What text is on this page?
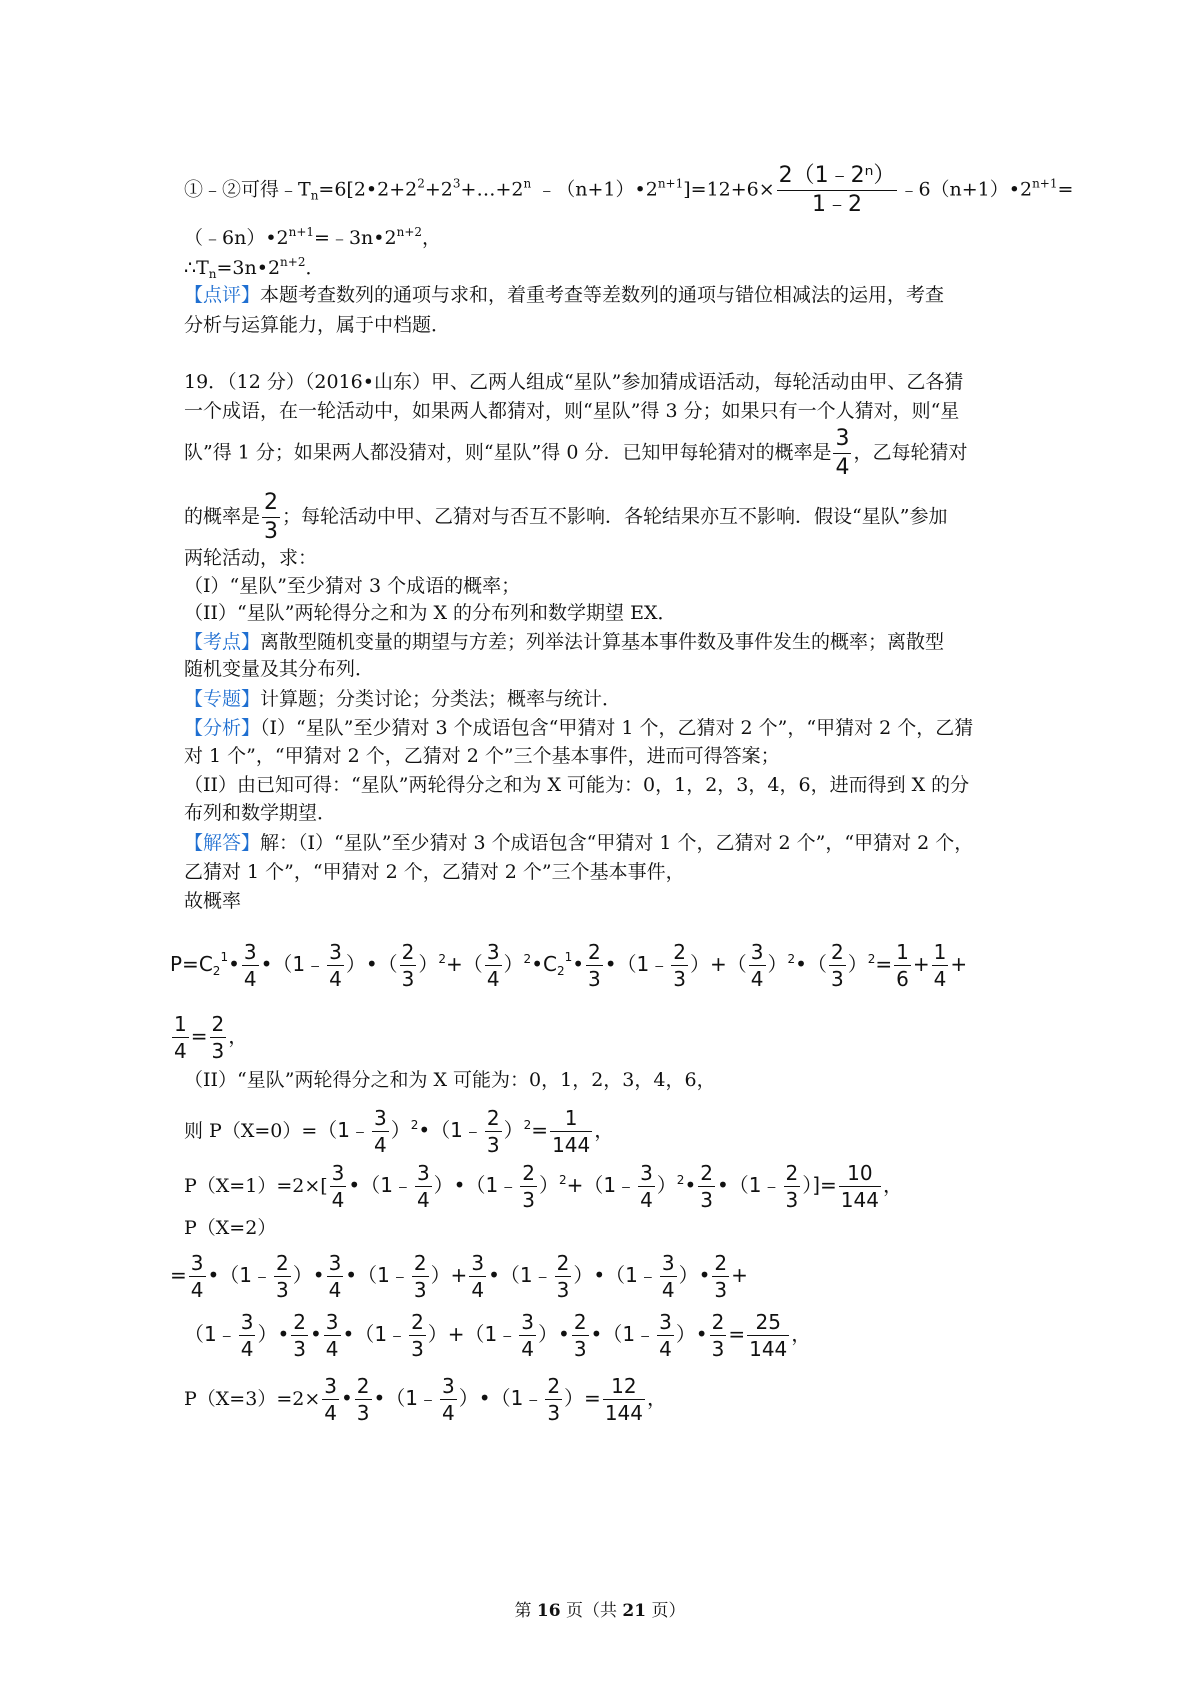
①﹣②可得$﹣T_n=6[2•2+2^2+2^3+\dots+2^n$ $﹣(n+1)•2^{n+1}]=12+6\times \frac{\text{2（1﹣2ⁿ）}}{1﹣2}$ $﹣6(n+1)•2^{n+1}=$
$(﹣6n)•2^{n+1}=﹣3n•2^{n+2}$，
$\therefore T_n=3n•2^{n+2}$．
【点评】本题考查数列的通项与求和，着重考查等差数列的通项与错位相减法的运用，考查
分析与运算能力，属于中档题．
19．（12 分）（2016•山东）甲、乙两人组成“星队”参加猜成语活动，每轮活动由甲、乙各猜
一个成语，在一轮活动中，如果两人都猜对，则“星队”得 3 分；如果只有一个人猜对，则“星
队”得 1 分；如果两人都没猜对，则“星队”得 0 分．已知甲每轮猜对的概率是 $\frac{3}{4}$ ，乙每轮猜对
的概率是 $\frac{2}{3}$ ；每轮活动中甲、乙猜对与否互不影响．各轮结果亦互不影响．假设“星队”参加
两轮活动，求：
（I）“星队”至少猜对 3 个成语的概率；
（II）“星队”两轮得分之和为 X 的分布列和数学期望 EX．
【考点】离散型随机变量的期望与方差；列举法计算基本事件数及事件发生的概率；离散型
随机变量及其分布列．
【专题】计算题；分类讨论；分类法；概率与统计．
【分析】（I）“星队”至少猜对 3 个成语包含“甲猜对 1 个，乙猜对 2 个”，“甲猜对 2 个，乙猜
对 1 个”，“甲猜对 2 个，乙猜对 2 个”三个基本事件，进而可得答案；
（II）由已知可得：“星队”两轮得分之和为 X 可能为：0，1，2，3，4，6，进而得到 X 的分
布列和数学期望．
【解答】解：（I）“星队”至少猜对 3 个成语包含“甲猜对 1 个，乙猜对 2 个”，“甲猜对 2 个，
乙猜对 1 个”，“甲猜对 2 个，乙猜对 2 个”三个基本事件，
故概率
$P=C_2^1• \frac{3}{4}$ •（1﹣ $\frac{3}{4}$ ）•（ $\frac{2}{3} )^2+( \frac{3}{4}$ ）$^2•C_2^1• \frac{2}{3}$ •（1﹣ $\frac{2}{3}$ ）+（ $\frac{3}{4}$ ）$^2$•（ $\frac{2}{3} )^2= \frac{1}{6} + \frac{1}{4}$ +
$\frac{1}{4} = \frac{2}{3}$ ，
（II）“星队”两轮得分之和为 X 可能为：0，1，2，3，4，6，
则 P（X=0）=（1﹣ $\frac{3}{4}$ ）$^2$•（1﹣ $\frac{2}{3} )^2= \frac{1}{144}$ ，
$P(X=1)=2\times[ \frac{3}{4}$ •（1﹣ $\frac{3}{4}$ ）•（1﹣ $\frac{2}{3}$ ）$^2$+（1﹣ $\frac{3}{4}$ ）$^2$• $\frac{2}{3}$ •（1﹣ $\frac{2}{3}$ ）]= $\frac{10}{144}$ ，
P（X=2）
= $\frac{3}{4}$ •（1﹣ $\frac{2}{3}$ ）• $\frac{3}{4}$ •（1﹣ $\frac{2}{3}$ ）+ $\frac{3}{4}$ •（1﹣ $\frac{2}{3}$ ）•（1﹣ $\frac{3}{4}$ ）• $\frac{2}{3}$ +
（1﹣ $\frac{3}{4}$ ）• $\frac{2}{3}$ • $\frac{3}{4}$ •（1﹣ $\frac{2}{3}$ ）+（1﹣ $\frac{3}{4}$ ）• $\frac{2}{3}$ •（1﹣ $\frac{3}{4}$ ）• $\frac{2}{3} = \frac{25}{144}$ ，
$P(X=3)=2\times \frac{3}{4}$ • $\frac{2}{3}$ •（1﹣ $\frac{3}{4}$ ）•（1﹣ $\frac{2}{3}$ ）= $\frac{12}{144}$ ，
第 16 页（共 21 页）
